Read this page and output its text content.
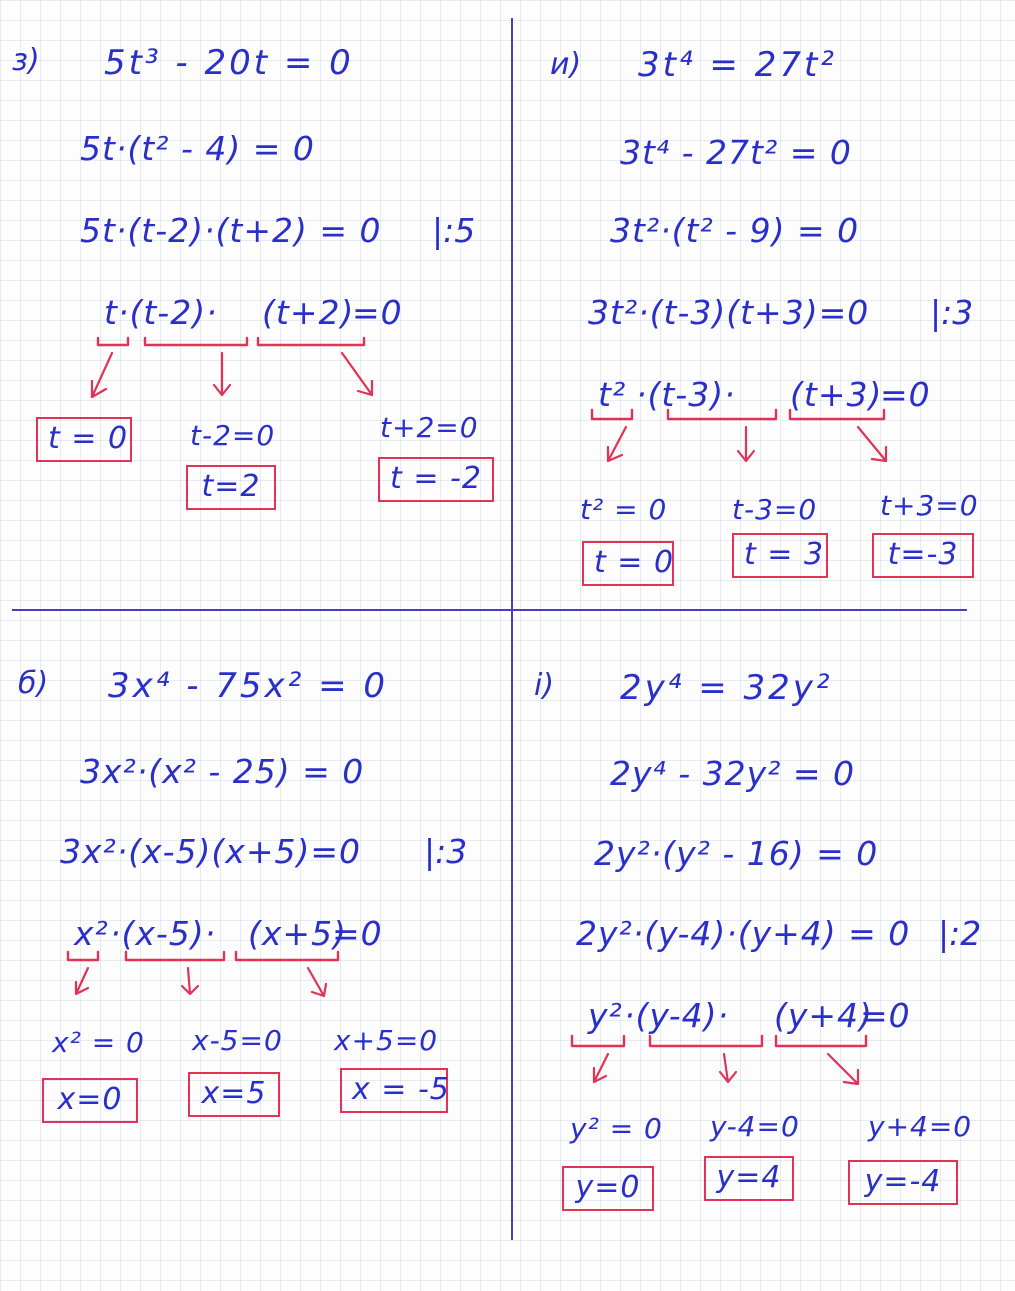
з) 5t³ - 20t = 0
5t·(t² - 4) = 0
5t·(t-2)·(t+2) = 0 |:5
t ·(t-2)· (t+2)
=0
t-2=0	t+2=0
t = 0
t=2	t = -2
и) 3t⁴ = 27t²
3t⁴ - 27t² = 0
3t²·(t² - 9) = 0
3t²·(t-3)(t+3)=0 |:3
t² ·(t-3)· (t+3)
=0
t² = 0 t-3=0 t+3=0
t = 0	t = 3	t=-3
б) 3x⁴ - 75x² = 0
3x²·(x² - 25) = 0
3x²·(x-5)(x+5)=0 |:3
x² ·(x-5)· (x+5)
=0
x² = 0 x-5=0 x+5=0
x=0	x=5	x = -5
і) 2y⁴ = 32y²
2y⁴ - 32y² = 0
2y²·(y² - 16) = 0
2y²·(y-4)·(y+4) = 0 |:2
y² ·(y-4)· (y+4)
=0
y² = 0 y-4=0 y+4=0
y=0	y=4	y=-4
